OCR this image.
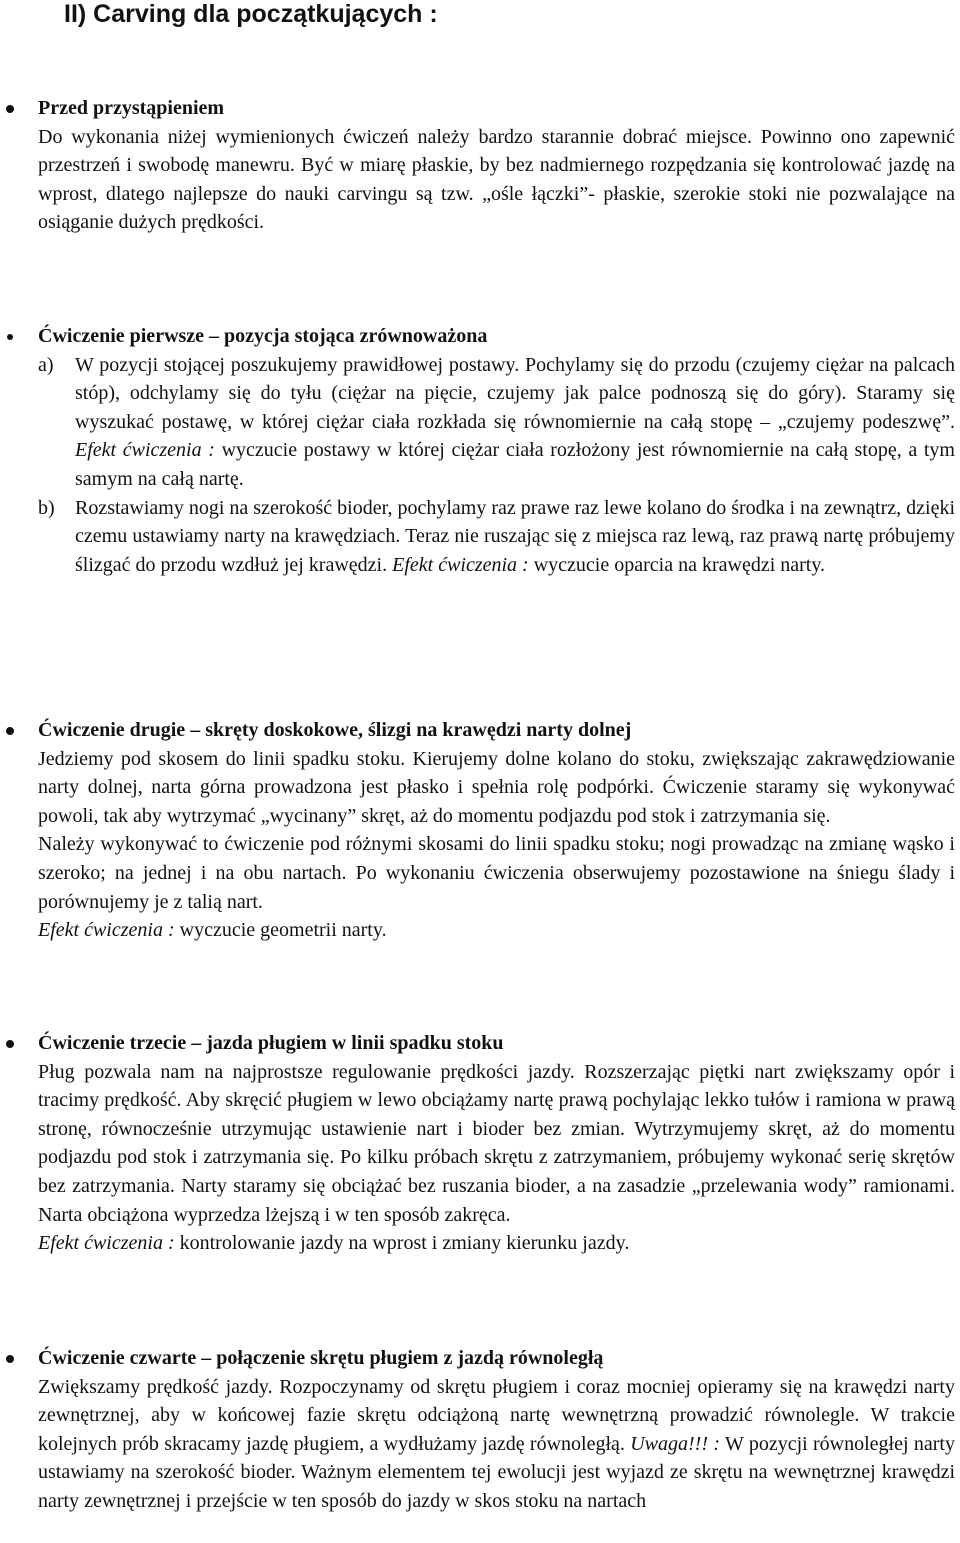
II) Carving dla początkujących :
Przed przystąpieniem

Do wykonania niżej wymienionych ćwiczeń należy bardzo starannie dobrać miejsce. Powinno ono zapewnić przestrzeń i swobodę manewru. Być w miarę płaskie, by bez nadmiernego rozpędzania się kontrolować jazdę na wprost, dlatego najlepsze do nauki carvingu są tzw. „ośle łączki”- płaskie, szerokie stoki nie pozwalające na osiąganie dużych prędkości.

Ćwiczenie pierwsze – pozycja stojąca zrównoważona
a) W pozycji stojącej poszukujemy prawidłowej postawy. Pochylamy się do przodu (czujemy ciężar na palcach stóp), odchylamy się do tyłu (ciężar na pięcie, czujemy jak palce podnoszą się do góry). Staramy się wyszukać postawę, w której ciężar ciała rozkłada się równomiernie na całą stopę – „czujemy podeszwę”. Efekt ćwiczenia : wyczucie postawy w której ciężar ciała rozłożony jest równomiernie na całą stopę, a tym samym na całą nartę.
b) Rozstawiamy nogi na szerokość bioder, pochylamy raz prawe raz lewe kolano do środka i na zewnątrz, dzięki czemu ustawiamy narty na krawędziach. Teraz nie ruszając się z miejsca raz lewą, raz prawą nartę próbujemy ślizgać do przodu wzdłuż jej krawędzi. Efekt ćwiczenia : wyczucie oparcia na krawędzi narty.
Ćwiczenie drugie – skręty doskokowe, ślizgi na krawędzi narty dolnej

Jedziemy pod skosem do linii spadku stoku. Kierujemy dolne kolano do stoku, zwiększając zakrawędziowanie narty dolnej, narta górna prowadzona jest płasko i spełnia rolę podpórki. Ćwiczenie staramy się wykonywać powoli, tak aby wytrzymać „wycinany” skręt, aż do momentu podjazdu pod stok i zatrzymania się.

Należy wykonywać to ćwiczenie pod różnymi skosami do linii spadku stoku; nogi prowadząc na zmianę wąsko i szeroko; na jednej i na obu nartach. Po wykonaniu ćwiczenia obserwujemy pozostawione na śniegu ślady i porównujemy je z talią nart.

Efekt ćwiczenia : wyczucie geometrii narty.

Ćwiczenie trzecie – jazda pługiem w linii spadku stoku

Pług pozwala nam na najprostsze regulowanie prędkości jazdy. Rozszerzając piętki nart zwiększamy opór i tracimy prędkość. Aby skręcić pługiem w lewo obciążamy nartę prawą pochylając lekko tułów i ramiona w prawą stronę, równocześnie utrzymując ustawienie nart i bioder bez zmian. Wytrzymujemy skręt, aż do momentu podjazdu pod stok i zatrzymania się. Po kilku próbach skrętu z zatrzymaniem, próbujemy wykonać serię skrętów bez zatrzymania. Narty staramy się obciążać bez ruszania bioder, a na zasadzie „przelewania wody” ramionami. Narta obciążona wyprzedza lżejszą i w ten sposób zakręca.

Efekt ćwiczenia : kontrolowanie jazdy na wprost i zmiany kierunku jazdy.

Ćwiczenie czwarte – połączenie skrętu pługiem z jazdą równoległą

Zwiększamy prędkość jazdy. Rozpoczynamy od skrętu pługiem i coraz mocniej opieramy się na krawędzi narty zewnętrznej, aby w końcowej fazie skrętu odciążoną nartę wewnętrzną prowadzić równolegle. W trakcie kolejnych prób skracamy jazdę pługiem, a wydłużamy jazdę równoległą. Uwaga!!! : W pozycji równoległej narty ustawiamy na szerokość bioder. Ważnym elementem tej ewolucji jest wyjazd ze skrętu na wewnętrznej krawędzi narty zewnętrznej i przejście w ten sposób do jazdy w skos stoku na nartach
